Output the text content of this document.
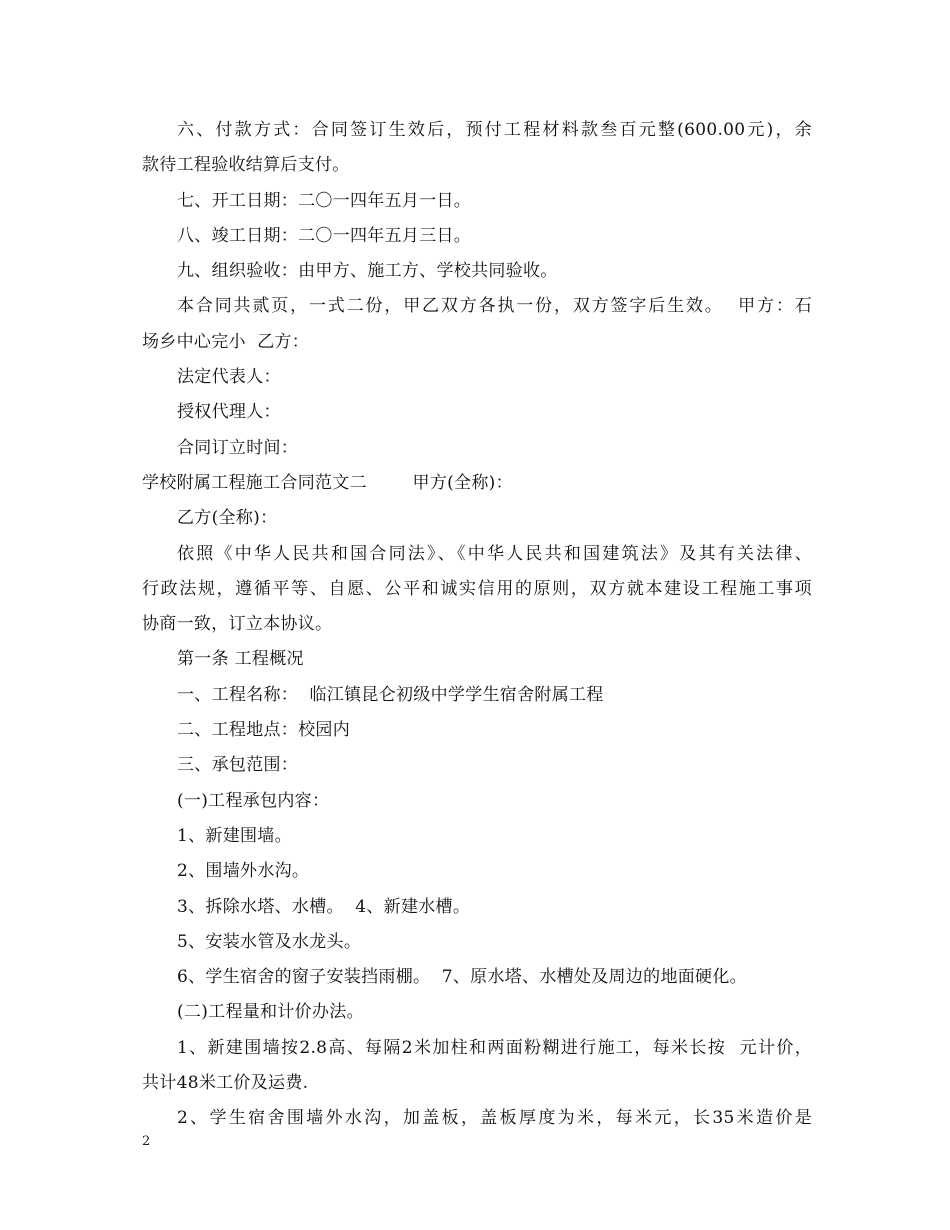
六、付款方式：合同签订生效后，预付工程材料款叁百元整(600.00元)，余
款待工程验收结算后支付。
七、开工日期：二〇一四年五月一日。
八、竣工日期：二〇一四年五月三日。
九、组织验收：由甲方、施工方、学校共同验收。
本合同共贰页，一式二份，甲乙双方各执一份，双方签字后生效。  甲方：石
场乡中心完小  乙方：
法定代表人：
授权代理人：
合同订立时间：
学校附属工程施工合同范文二        甲方(全称)：
乙方(全称)：
依照《中华人民共和国合同法》、《中华人民共和国建筑法》及其有关法律、
行政法规，遵循平等、自愿、公平和诚实信用的原则，双方就本建设工程施工事项
协商一致，订立本协议。
第一条 工程概况
一、工程名称：  临江镇昆仑初级中学学生宿舍附属工程
二、工程地点：校园内
三、承包范围：
(一)工程承包内容：
1、新建围墙。
2、围墙外水沟。
3、拆除水塔、水槽。  4、新建水槽。
5、安装水管及水龙头。
6、学生宿舍的窗子安装挡雨棚。  7、原水塔、水槽处及周边的地面硬化。
(二)工程量和计价办法。
1、新建围墙按2.8高、每隔2米加柱和两面粉糊进行施工，每米长按  元计价，
共计48米工价及运费.
2、学生宿舍围墙外水沟，加盖板，盖板厚度为米，每米元，长35米造价是
2
